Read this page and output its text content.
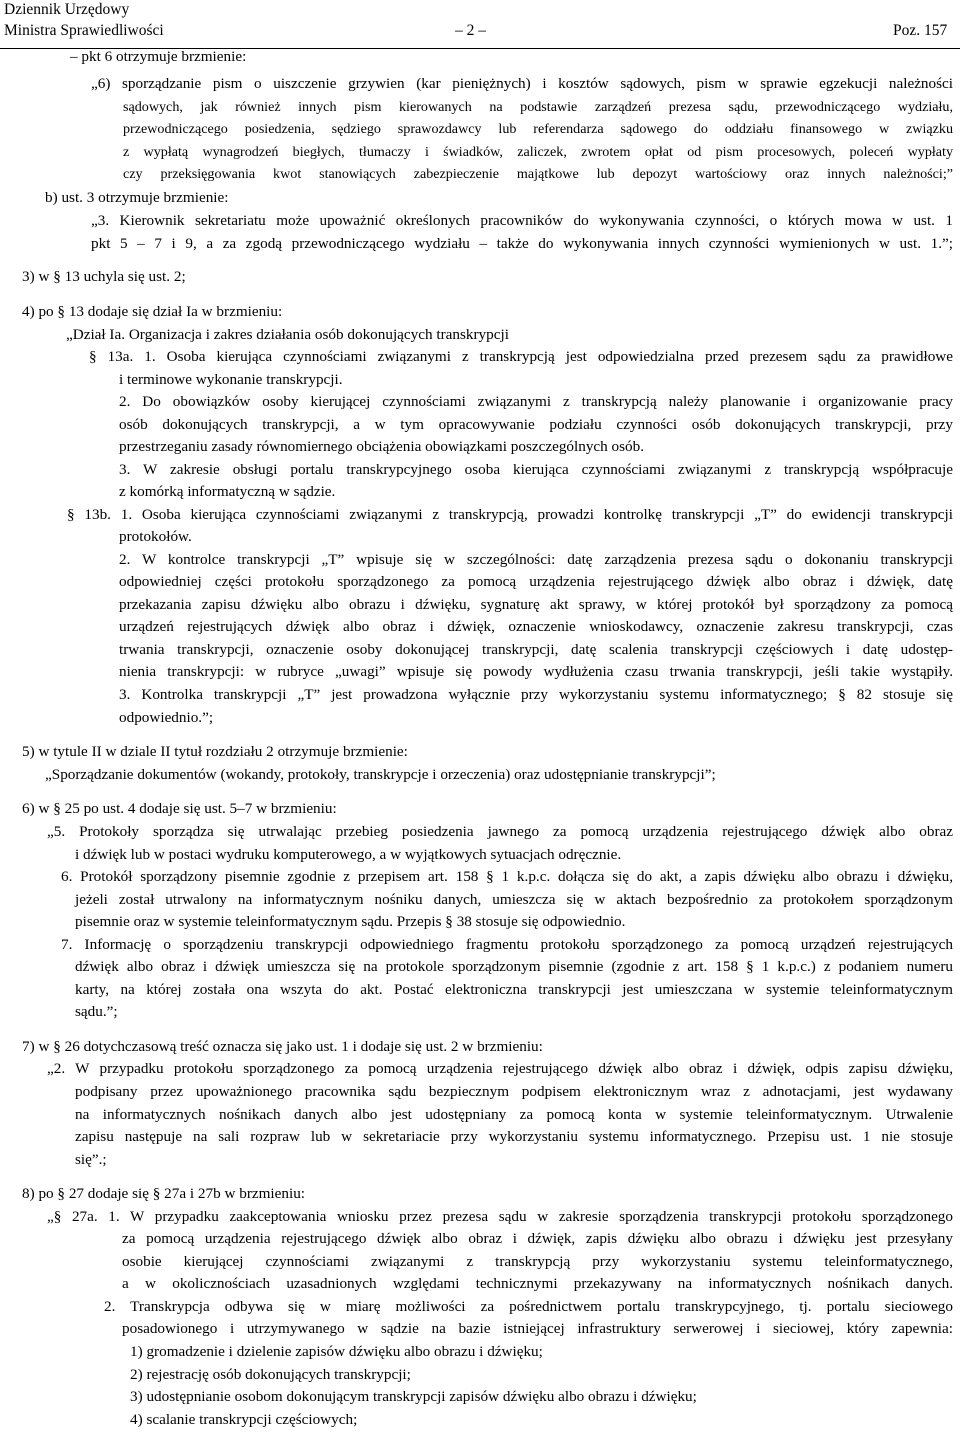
Dziennik Urzędowy
Ministra Sprawiedliwości	– 2 –	Poz. 157
– pkt 6 otrzymuje brzmienie:
„6) sporządzanie pism o uiszczenie grzywien (kar pieniężnych) i kosztów sądowych, pism w sprawie egzekucji należności
sądowych, jak również innych pism kierowanych na podstawie zarządzeń prezesa sądu, przewodniczącego wydziału,
przewodniczącego posiedzenia, sędziego sprawozdawcy lub referendarza sądowego do oddziału finansowego w związku
z wypłatą wynagrodzeń biegłych, tłumaczy i świadków, zaliczek, zwrotem opłat od pism procesowych, poleceń wypłaty
czy przeksięgowania kwot stanowiących zabezpieczenie majątkowe lub depozyt wartościowy oraz innych należności;”
b) ust. 3 otrzymuje brzmienie:
„3. Kierownik sekretariatu może upoważnić określonych pracowników do wykonywania czynności, o których mowa w ust. 1
pkt 5 – 7 i 9, a za zgodą przewodniczącego wydziału – także do wykonywania innych czynności wymienionych w ust. 1.”;
3) w § 13 uchyla się ust. 2;
4) po § 13 dodaje się dział Ia w brzmieniu:
„Dział Ia. Organizacja i zakres działania osób dokonujących transkrypcji
§ 13a. 1. Osoba kierująca czynnościami związanymi z transkrypcją jest odpowiedzialna przed prezesem sądu za prawidłowe
i terminowe wykonanie transkrypcji.
2. Do obowiązków osoby kierującej czynnościami związanymi z transkrypcją należy planowanie i organizowanie pracy
osób dokonujących transkrypcji, a w tym opracowywanie podziału czynności osób dokonujących transkrypcji, przy
przestrzeganiu zasady równomiernego obciążenia obowiązkami poszczególnych osób.
3. W zakresie obsługi portalu transkrypcyjnego osoba kierująca czynnościami związanymi z transkrypcją współpracuje
z komórką informatyczną w sądzie.
§ 13b. 1. Osoba kierująca czynnościami związanymi z transkrypcją, prowadzi kontrolkę transkrypcji „T” do ewidencji transkrypcji
protokołów.
2. W kontrolce transkrypcji „T” wpisuje się w szczególności: datę zarządzenia prezesa sądu o dokonaniu transkrypcji
odpowiedniej części protokołu sporządzonego za pomocą urządzenia rejestrującego dźwięk albo obraz i dźwięk, datę
przekazania zapisu dźwięku albo obrazu i dźwięku, sygnaturę akt sprawy, w której protokół był sporządzony za pomocą
urządzeń rejestrujących dźwięk albo obraz i dźwięk, oznaczenie wnioskodawcy, oznaczenie zakresu transkrypcji, czas
trwania transkrypcji, oznaczenie osoby dokonującej transkrypcji, datę scalenia transkrypcji częściowych i datę udostęp-
nienia transkrypcji: w rubryce „uwagi” wpisuje się powody wydłużenia czasu trwania transkrypcji, jeśli takie wystąpiły.
3. Kontrolka transkrypcji „T” jest prowadzona wyłącznie przy wykorzystaniu systemu informatycznego; § 82 stosuje się
odpowiednio.”;
5) w tytule II w dziale II tytuł rozdziału 2 otrzymuje brzmienie:
„Sporządzanie dokumentów (wokandy, protokoły, transkrypcje i orzeczenia) oraz udostępnianie transkrypcji”;
6) w § 25 po ust. 4 dodaje się ust. 5–7 w brzmieniu:
„5. Protokoły sporządza się utrwalając przebieg posiedzenia jawnego za pomocą urządzenia rejestrującego dźwięk albo obraz
i dźwięk lub w postaci wydruku komputerowego, a w wyjątkowych sytuacjach odręcznie.
6. Protokół sporządzony pisemnie zgodnie z przepisem art. 158 § 1 k.p.c. dołącza się do akt, a zapis dźwięku albo obrazu i dźwięku,
jeżeli został utrwalony na informatycznym nośniku danych, umieszcza się w aktach bezpośrednio za protokołem sporządzonym
pisemnie oraz w systemie teleinformatycznym sądu. Przepis § 38 stosuje się odpowiednio.
7. Informację o sporządzeniu transkrypcji odpowiedniego fragmentu protokołu sporządzonego za pomocą urządzeń rejestrujących
dźwięk albo obraz i dźwięk umieszcza się na protokole sporządzonym pisemnie (zgodnie z art. 158 § 1 k.p.c.) z podaniem numeru
karty, na której została ona wszyta do akt. Postać elektroniczna transkrypcji jest umieszczana w systemie teleinformatycznym
sądu.”;
7) w § 26 dotychczasową treść oznacza się jako ust. 1 i dodaje się ust. 2 w brzmieniu:
„2. W przypadku protokołu sporządzonego za pomocą urządzenia rejestrującego dźwięk albo obraz i dźwięk, odpis zapisu dźwięku,
podpisany przez upoważnionego pracownika sądu bezpiecznym podpisem elektronicznym wraz z adnotacjami, jest wydawany
na informatycznych nośnikach danych albo jest udostępniany za pomocą konta w systemie teleinformatycznym. Utrwalenie
zapisu następuje na sali rozpraw lub w sekretariacie przy wykorzystaniu systemu informatycznego. Przepisu ust. 1 nie stosuje
się”.;
8) po § 27 dodaje się § 27a i 27b w brzmieniu:
„§ 27a. 1. W przypadku zaakceptowania wniosku przez prezesa sądu w zakresie sporządzenia transkrypcji protokołu sporządzonego
za pomocą urządzenia rejestrującego dźwięk albo obraz i dźwięk, zapis dźwięku albo obrazu i dźwięku jest przesyłany
osobie kierującej czynnościami związanymi z transkrypcją przy wykorzystaniu systemu teleinformatycznego,
a w okolicznościach uzasadnionych względami technicznymi przekazywany na informatycznych nośnikach danych.
2. Transkrypcja odbywa się w miarę możliwości za pośrednictwem portalu transkrypcyjnego, tj. portalu sieciowego
posadowionego i utrzymywanego w sądzie na bazie istniejącej infrastruktury serwerowej i sieciowej, który zapewnia:
1) gromadzenie i dzielenie zapisów dźwięku albo obrazu i dźwięku;
2) rejestrację osób dokonujących transkrypcji;
3) udostępnianie osobom dokonującym transkrypcji zapisów dźwięku albo obrazu i dźwięku;
4) scalanie transkrypcji częściowych;
